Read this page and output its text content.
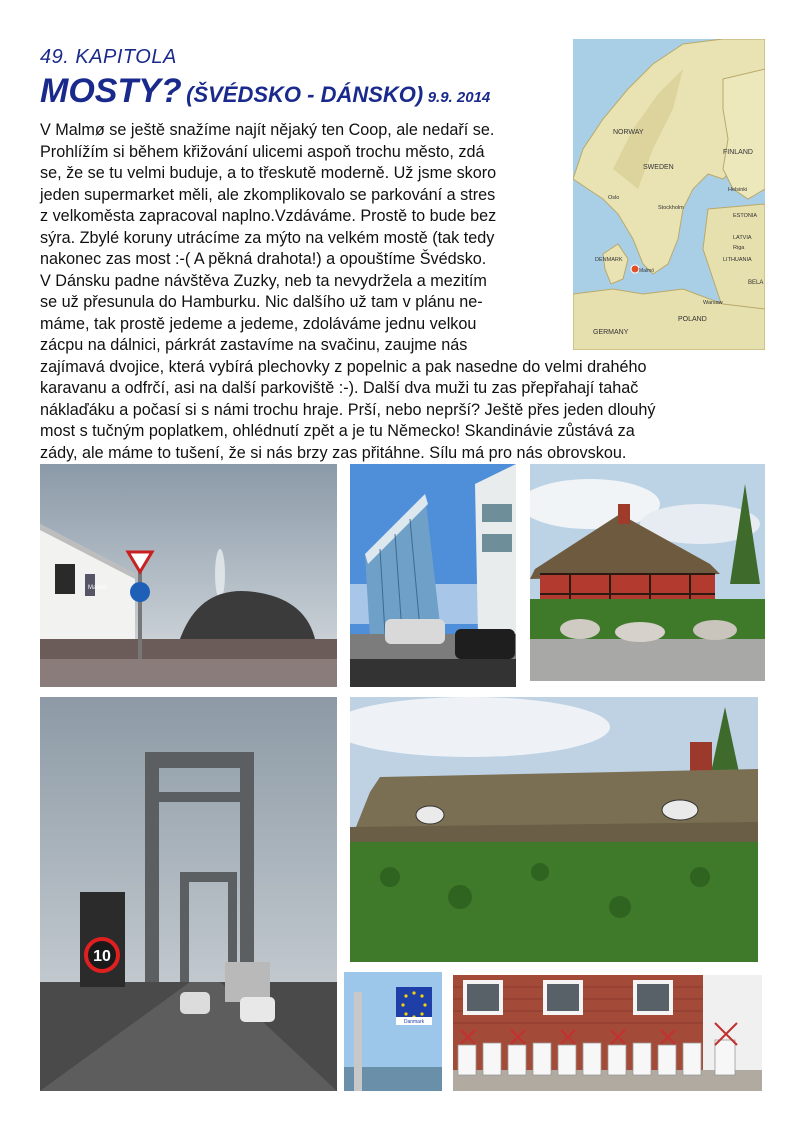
49. KAPITOLA
MOSTY? (ŠVÉDSKO - DÁNSKO) 9.9. 2014
NORWAY
SWEDEN
FINLAND
Stockholm
Helsinki
ESTONIA
LATVIA
LITHUANIA
DENMARK
Malmö
GERMANY
POLAND
BELA
Warsaw
Oslo
Riga
V Malmø se ještě snažíme najít nějaký ten Coop, ale nedaří se.
Prohlížím si během křižování ulicemi aspoň trochu město, zdá
se, že se tu velmi buduje, a to třeskutě moderně. Už jsme skoro
jeden supermarket měli, ale zkomplikovalo se parkování a stres
z velkoměsta zapracoval naplno.Vzdáváme. Prostě to bude bez
sýra. Zbylé koruny utrácíme za mýto na velkém mostě (tak tedy
nakonec zas most :-( A pěkná drahota!) a opouštíme Švédsko.
V Dánsku padne návštěva Zuzky, neb ta nevydržela a mezitím
se už přesunula do Hamburku. Nic dalšího už tam v plánu ne-
máme, tak prostě jedeme a jedeme, zdoláváme jednu velkou
zácpu na dálnici, párkrát zastavíme na svačinu, zaujme nás
zajímavá dvojice, která vybírá plechovky z popelnic a pak nasedne do velmi drahého
karavanu a odfrčí, asi na další parkoviště :-). Další dva muži tu zas přepřahají tahač
náklaďáku a počasí si s námi trochu hraje. Prší, nebo neprší? Ještě přes jeden dlouhý
most s tučným poplatkem, ohlédnutí zpět a je tu Německo! Skandinávie zůstává za
zády, ale máme to tušení, že si nás brzy zas přitáhne. Sílu má pro nás obrovskou.
Malmö
10
Danmark
